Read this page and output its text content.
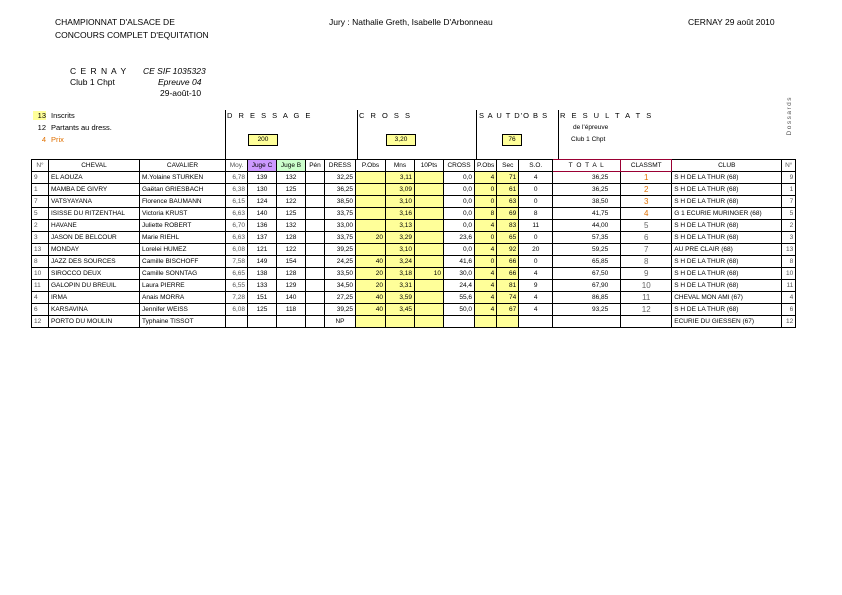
CHAMPIONNAT D'ALSACE DE
CONCOURS COMPLET D'EQUITATION
Jury : Nathalie Greth, Isabelle D'Arbonneau	CERNAY 29 août 2010
C E R N A Y
Club 1 Chpt
CE SIF 1035323
Epreuve 04
29-août-10
13 Inscrits
12 Partants au dress.
4 Prix
D R E S S A G E	C R O S S	S A U T D'O B S R E S U L T A T S
de l'épreuve
Club 1 Chpt
Dossards
200	3,20	76
N°	CHEVAL	CAVALIER	Moy.	Juge C	Juge B	Pén	DRESS	P.Obs	Mns	10Pts	CROSS	P.Obs	Sec	S.O.	T O T A L	CLASSMT	CLUB	N°
9	EL AOUZA	M.Yolaine STURKEN	6,78	139	132		32,25		3,11		0,0	4	71	4	36,25	1	S H DE LA THUR (68)	9
1	MAMBA DE GIVRY	Gaëtan GRIESBACH	6,38	130	125		36,25		3,09		0,0	0	61	0	36,25	2	S H DE LA THUR (68)	1
7	VATSYAYANA	Florence BAUMANN	6,15	124	122		38,50		3,10		0,0	0	63	0	38,50	3	S H DE LA THUR (68)	7
5	ISISSE DU RITZENTHAL	Victoria KRUST	6,63	140	125		33,75		3,16		0,0	8	69	8	41,75	4	G 1 ECURIE MURINGER (68)	5
2	HAVANE	Juliette ROBERT	6,70	136	132		33,00		3,13		0,0	4	83	11	44,00	5	S H DE LA THUR (68)	2
3	JASON DE BELCOUR	Marie RIEHL	6,63	137	128		33,75	20	3,29		23,6	0	65	0	57,35	6	S H DE LA THUR (68)	3
13	MONDAY	Lorelei HUMEZ	6,08	121	122		39,25		3,10		0,0	4	92	20	59,25	7	AU PRE CLAIR (68)	13
8	JAZZ DES SOURCES	Camille BISCHOFF	7,58	149	154		24,25	40	3,24		41,6	0	66	0	65,85	8	S H DE LA THUR (68)	8
10	SIROCCO DEUX	Camille SONNTAG	6,65	138	128		33,50	20	3,18	10	30,0	4	66	4	67,50	9	S H DE LA THUR (68)	10
11	GALOPIN DU BREUIL	Laura PIERRE	6,55	133	129		34,50	20	3,31		24,4	4	81	9	67,90	10	S H DE LA THUR (68)	11
4	IRMA	Anais MORRA	7,28	151	140		27,25	40	3,59		55,6	4	74	4	86,85	11	CHEVAL MON AMI (67)	4
6	KARSAVINA	Jennifer WEISS	6,08	125	118		39,25	40	3,45		50,0	4	67	4	93,25	12	S H DE LA THUR (68)	6
12	PORTO DU MOULIN	Typhaine TISSOT					NP										ECURIE DU GIESSEN (67)	12
